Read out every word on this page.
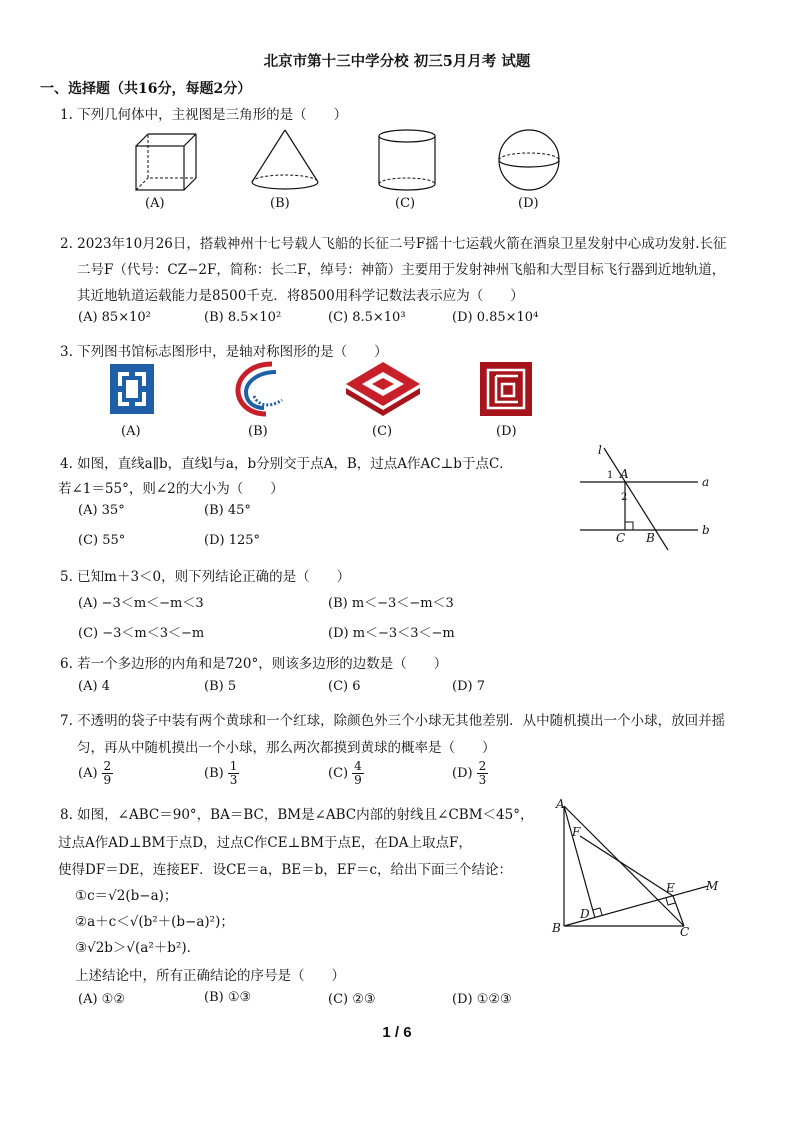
北京市第十三中学分校 初三5月月考 试题
一、选择题（共16分，每题2分）
1. 下列几何体中，主视图是三角形的是（　　）
(A)	(B)	(C)	(D)
2. 2023年10月26日，搭载神州十七号载人飞船的长征二号F摇十七运载火箭在酒泉卫星发射中心成功发射.长征
二号F（代号：CZ−2F，简称：长二F，绰号：神箭）主要用于发射神州飞船和大型目标飞行器到近地轨道，
其近地轨道运载能力是8500千克．将8500用科学记数法表示应为（　　）
(A) 85×10²	(B) 8.5×10²	(C) 8.5×10³	(D) 0.85×10⁴
3. 下列图书馆标志图形中，是轴对称图形的是（　　）
(A)	(B)	(C)	(D)
4. 如图，直线a∥b，直线l与a，b分别交于点A，B，过点A作AC⊥b于点C．
若∠1＝55°，则∠2的大小为（　　）
(A) 35°	(B) 45°
(C) 55°	(D) 125°
l
a
b
A
B
C
1
2
5. 已知m＋3＜0，则下列结论正确的是（　　）
(A) −3＜m＜−m＜3	(B) m＜−3＜−m＜3
(C) −3＜m＜3＜−m	(D) m＜−3＜3＜−m
6. 若一个多边形的内角和是720°，则该多边形的边数是（　　）
(A) 4	(B) 5	(C) 6	(D) 7
7. 不透明的袋子中装有两个黄球和一个红球，除颜色外三个小球无其他差别．从中随机摸出一个小球，放回并摇
匀，再从中随机摸出一个小球，那么两次都摸到黄球的概率是（　　）
$(A) \frac{2}{9}$	$(B) \frac{1}{3}$	$(C) \frac{4}{9}$	$(D) \frac{2}{3}$
8. 如图，∠ABC＝90°，BA＝BC，BM是∠ABC内部的射线且∠CBM＜45°，
过点A作AD⊥BM于点D，过点C作CE⊥BM于点E，在DA上取点F，
使得DF＝DE，连接EF．设CE＝a，BE＝b，EF＝c，给出下面三个结论：
①c＝√2(b−a)；
②a＋c＜√(b²＋(b−a)²)；
③√2b＞√(a²＋b²)．
上述结论中，所有正确结论的序号是（　　）
(A) ①②	(B) ①③	(C) ②③	(D) ①②③
A
B	C
D
E
F
M
1 / 6
